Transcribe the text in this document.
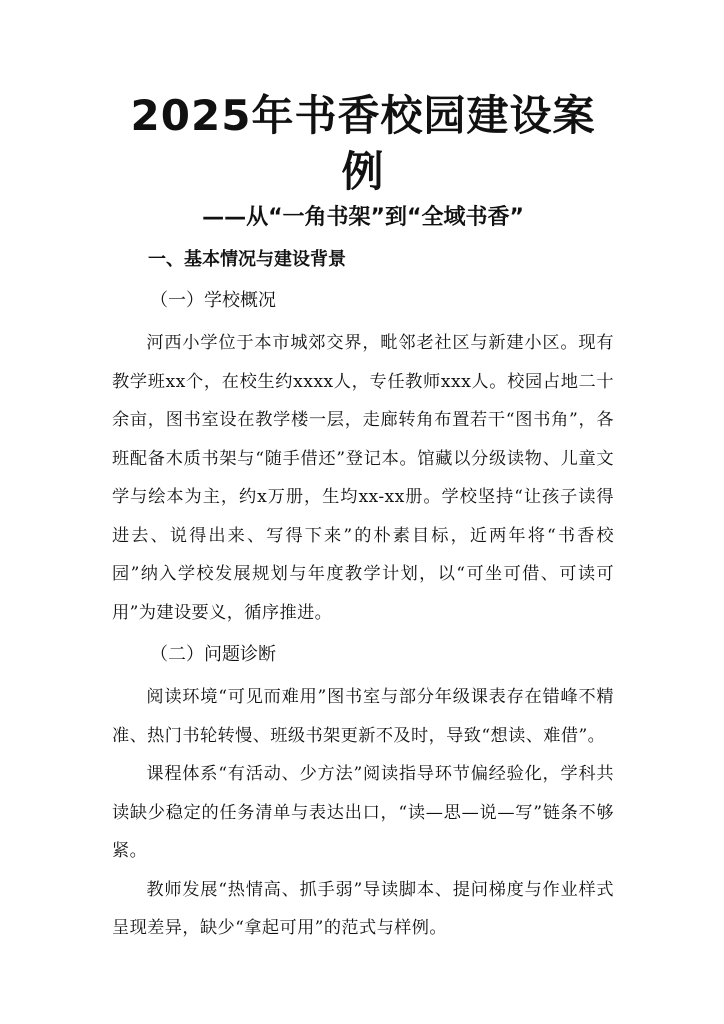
2025年书香校园建设案例
——从“一角书架”到“全域书香”
一、基本情况与建设背景
（一）学校概况

河西小学位于本市城郊交界，毗邻老社区与新建小区。现有教学班xx个，在校生约xxxx人，专任教师xxx人。校园占地二十余亩，图书室设在教学楼一层，走廊转角布置若干“图书角”，各班配备木质书架与“随手借还”登记本。馆藏以分级读物、儿童文学与绘本为主，约x万册，生均xx-xx册。学校坚持“让孩子读得进去、说得出来、写得下来”的朴素目标，近两年将“书香校园”纳入学校发展规划与年度教学计划，以“可坐可借、可读可用”为建设要义，循序推进。

（二）问题诊断

阅读环境“可见而难用”图书室与部分年级课表存在错峰不精准、热门书轮转慢、班级书架更新不及时，导致“想读、难借”。

课程体系“有活动、少方法”阅读指导环节偏经验化，学科共读缺少稳定的任务清单与表达出口，“读—思—说—写”链条不够紧。

教师发展“热情高、抓手弱”导读脚本、提问梯度与作业样式呈现差异，缺少“拿起可用”的范式与样例。
